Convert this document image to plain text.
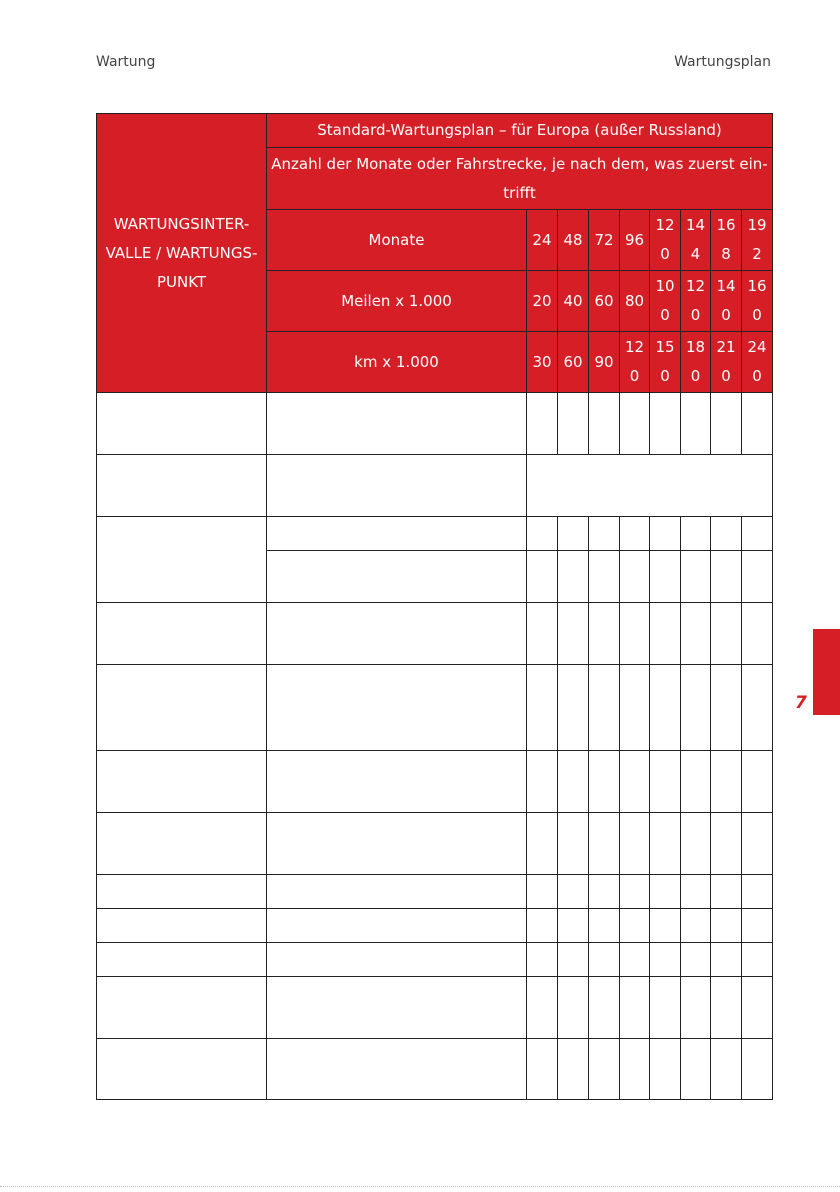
Wartung	Wartungsplan
WARTUNGSINTER-VALLE / WARTUNGS-PUNKT	Standard-Wartungsplan – für Europa (außer Russland)								

	Anzahl der Monate oder Fahrstrecke, je nach dem, was zuerst ein-trifft								

	Monate	24	48	72	96	12 0	14 4	16 8	19 2

	Meilen x 1.000	20	40	60	80	10 0	12 0	14 0	16 0

	km x 1.000	30	60	90	12 0	15 0	18 0	21 0	24 0

7
